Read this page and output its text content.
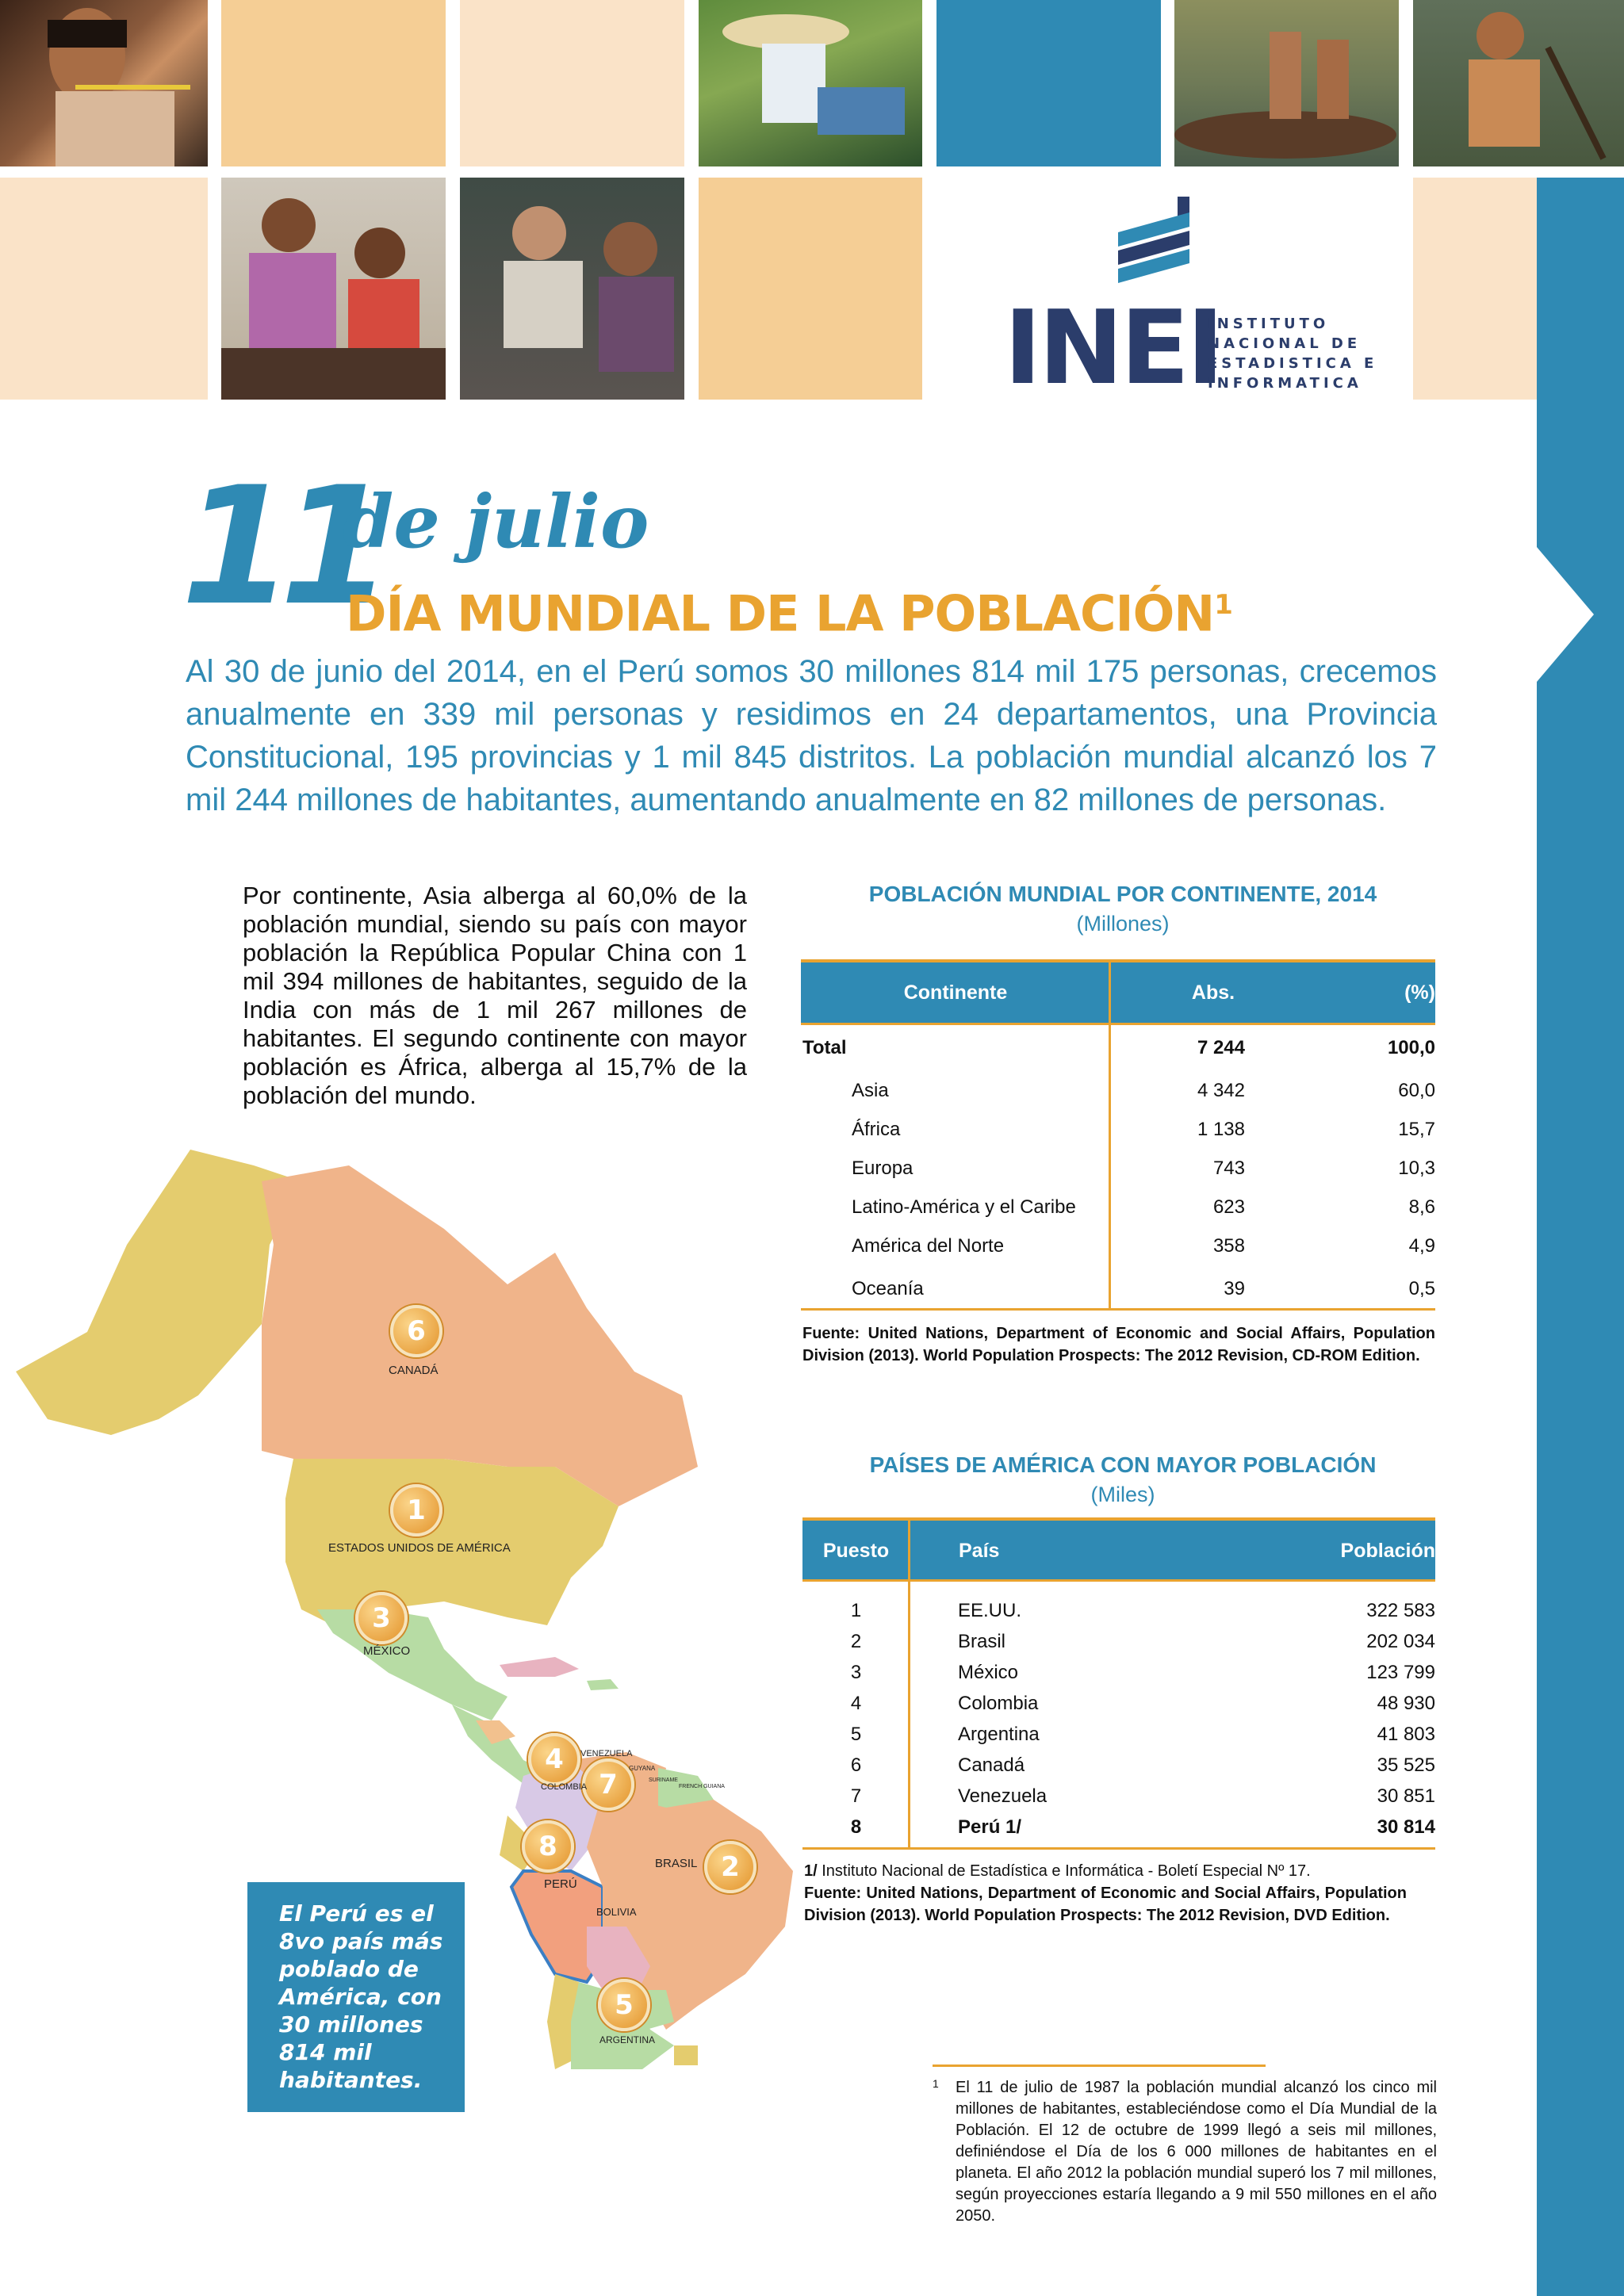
INEI
INSTITUTO
NACIONAL DE
ESTADISTICA E
INFORMATICA
11
de julio
DÍA MUNDIAL DE LA POBLACIÓN$^1$
Al 30 de junio del 2014, en el Perú somos 30 millones 814 mil 175 personas, crecemos anualmente en 339 mil personas y residimos en 24 departamentos, una Provincia Constitucional, 195 provincias y 1 mil 845 distritos. La población mundial alcanzó los 7 mil 244 millones de habitantes, aumentando anualmente en 82 millones de personas.
Por continente, Asia alberga al 60,0% de la población mundial, siendo su país con mayor población la República Popular China con 1 mil 394 millones de habitantes, seguido de la India con más de 1 mil 267 millones de habitantes. El segundo continente con mayor población es África, alberga al 15,7% de la población del mundo.
POBLACIÓN MUNDIAL POR CONTINENTE, 2014
(Millones)
Continente	Abs.	(%)
Total	7 244	100,0
Asia	4 342	60,0
África	1 138	15,7
Europa	743	10,3
Latino-América y el Caribe	623	8,6
América del Norte	358	4,9
Oceanía	39	0,5
Fuente: United Nations, Department of Economic and Social Affairs, Population Division (2013). World Population Prospects: The 2012 Revision, CD-ROM Edition.
PAÍSES DE AMÉRICA CON MAYOR POBLACIÓN
(Miles)
Puesto	País	Población
1	EE.UU.	322 583
2	Brasil	202 034
3	México	123 799
4	Colombia	48 930
5	Argentina	41 803
6	Canadá	35 525
7	Venezuela	30 851
8	Perú 1/	30 814
1/ Instituto Nacional de Estadística e Informática - Boletí Especial Nº 17.
Fuente: United Nations, Department of Economic and Social Affairs, Population Division (2013). World Population Prospects: The 2012 Revision, DVD Edition.
6
1
3
4
7
8
2
5
CANADÁ
ESTADOS UNIDOS DE AMÉRICA
MÉXICO
VENEZUELA
COLOMBIA
GUYANA
SURINAME
FRENCH GUIANA
PERÚ
BRASIL
BOLIVIA
ARGENTINA
El Perú es el 8vo país más poblado de América, con 30 millones 814 mil habitantes.	1 El 11 de julio de 1987 la población mundial alcanzó los cinco mil millones de habitantes, estableciéndose como el Día Mundial de la Población. El 12 de octubre de 1999 llegó a seis mil millones, definiéndose el Día de los 6 000 millones de habitantes en el planeta. El año 2012 la población mundial superó los 7 mil millones, según proyecciones estaría llegando a 9 mil 550 millones en el año 2050.
